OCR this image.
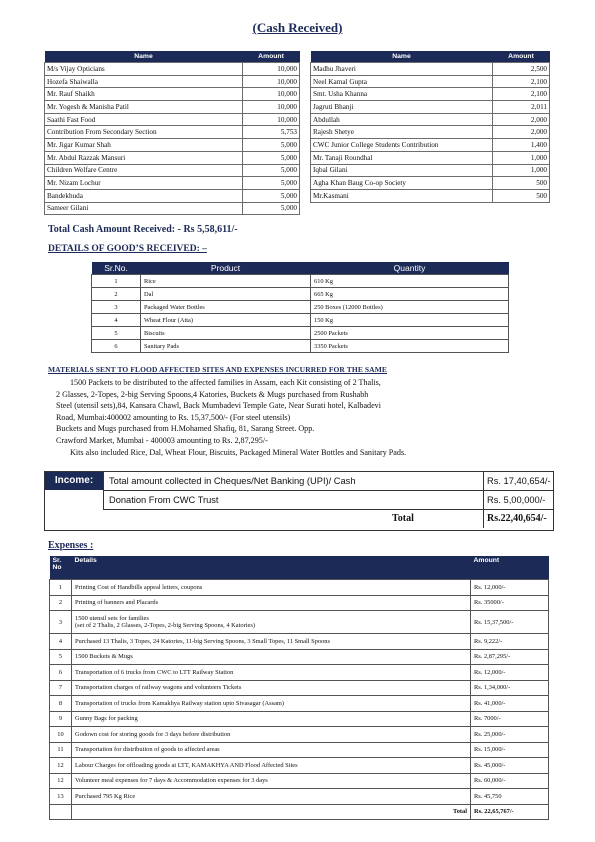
(Cash Received)
Name	Amount
M/s Vijay Opticians	10,000
Hozefa Shaiwalla	10,000
Mr. Rauf Shaikh	10,000
Mr. Yogesh & Manisha Patil	10,000
Saathi Fast Food	10,000
Contribution From Secondary Section	5,753
Mr. Jigar Kumar Shah	5,000
Mr. Abdul Razzak Mansuri	5,000
Children Welfare Centre	5,000
Mr. Nizam Lochur	5,000
Bandekhuda	5,000
Sameer Gilani	5,000
Name	Amount
Madhu Jhaveri	2,500
Neel Kamal Gupta	2,100
Smt. Usha Khanna	2,100
Jagruti Bhanji	2,011
Abdullah	2,000
Rajesh Shetye	2,000
CWC Junior College Students Contribution	1,400
Mr. Tanaji Roundhal	1,000
Iqbal Gilani	1,000
Agha Khan Baug Co-op Society	500
Mr.Kasmani	500
Total Cash Amount Received: - Rs 5,58,611/-
DETAILS OF GOOD’S RECEIVED: –
Sr.No.	Product	Quantity
1	Rice	610 Kg
2	Dal	665 Kg
3	Packaged Water Bottles	250 Boxes (12000 Bottles)
4	Wheat Flour (Atta)	150 Kg
5	Biscuits	2500 Packets
6	Sanitary Pads	3350 Packets
MATERIALS SENT TO FLOOD AFFECTED SITES AND EXPENSES INCURRED FOR THE SAME
1500 Packets to be distributed to the affected families in Assam, each Kit consisting of 2 Thalis,
2 Glasses, 2-Topes, 2-big Serving Spoons,4 Katories, Buckets & Mugs purchased from Rushabh
Steel (utensil sets),84, Kansara Chawl, Back Mumbadevi Temple Gate, Near Surati hotel, Kalbadevi
Road, Mumbai:400002 amounting to Rs. 15,37,500/- (For steel utensils)
Buckets and Mugs purchased from H.Mohamed Shafiq, 81, Sarang Street. Opp.
Crawford Market, Mumbai - 400003 amounting to Rs. 2,87,295/-
Kits also included Rice, Dal, Wheat Flour, Biscuits, Packaged Mineral Water Bottles and Sanitary Pads.
Income:	Total amount collected in Cheques/Net Banking (UPI)/ Cash	Rs. 17,40,654/-
Donation From CWC Trust	Rs. 5,00,000/-
Total	Rs.22,40,654/-
Expenses :
Sr. No	Details	Amount
1	Printing Cost of Handbills appeal letters, coupons	Rs. 12,000/-
2	Printing of banners and Placards	Rs. 35000/-
3	1500 utensil sets for families
(set of 2 Thalis, 2 Glasses, 2-Topes, 2-big Serving Spoons, 4 Katories)	Rs. 15,37,500/-
4	Purchased 13 Thalis, 3 Topes, 24 Katories, 11-big Serving Spoons, 3 Small Topes, 11 Small Spoons	Rs. 9,222/-
5	1500 Buckets & Mugs	Rs. 2,87,295/-
6	Transportation of 6 trucks from CWC to LTT Railway Station	Rs. 12,000/-
7	Transportation charges of railway wagons and volunteers Tickets	Rs. 1,34,000/-
8	Transportation of trucks from Kamakhya Railway station upto Sivasagar (Assam)	Rs. 41,000/-
9	Gunny Bags for packing	Rs. 7000/-
10	Godown cost for storing goods for 3 days before distribution	Rs. 25,000/-
11	Transportation for distribution of goods to affected areas	Rs. 15,000/-
12	Labour Charges for offloading goods at LTT, KAMAKHYA AND Flood Affected Sites	Rs. 45,000/-
12	Volunteer meal expenses for 7 days & Accommodation expenses for 3 days	Rs. 60,000/-
13	Purchased 795 Kg Rice	Rs. 45,750
	Total	Rs. 22,65,767/-
